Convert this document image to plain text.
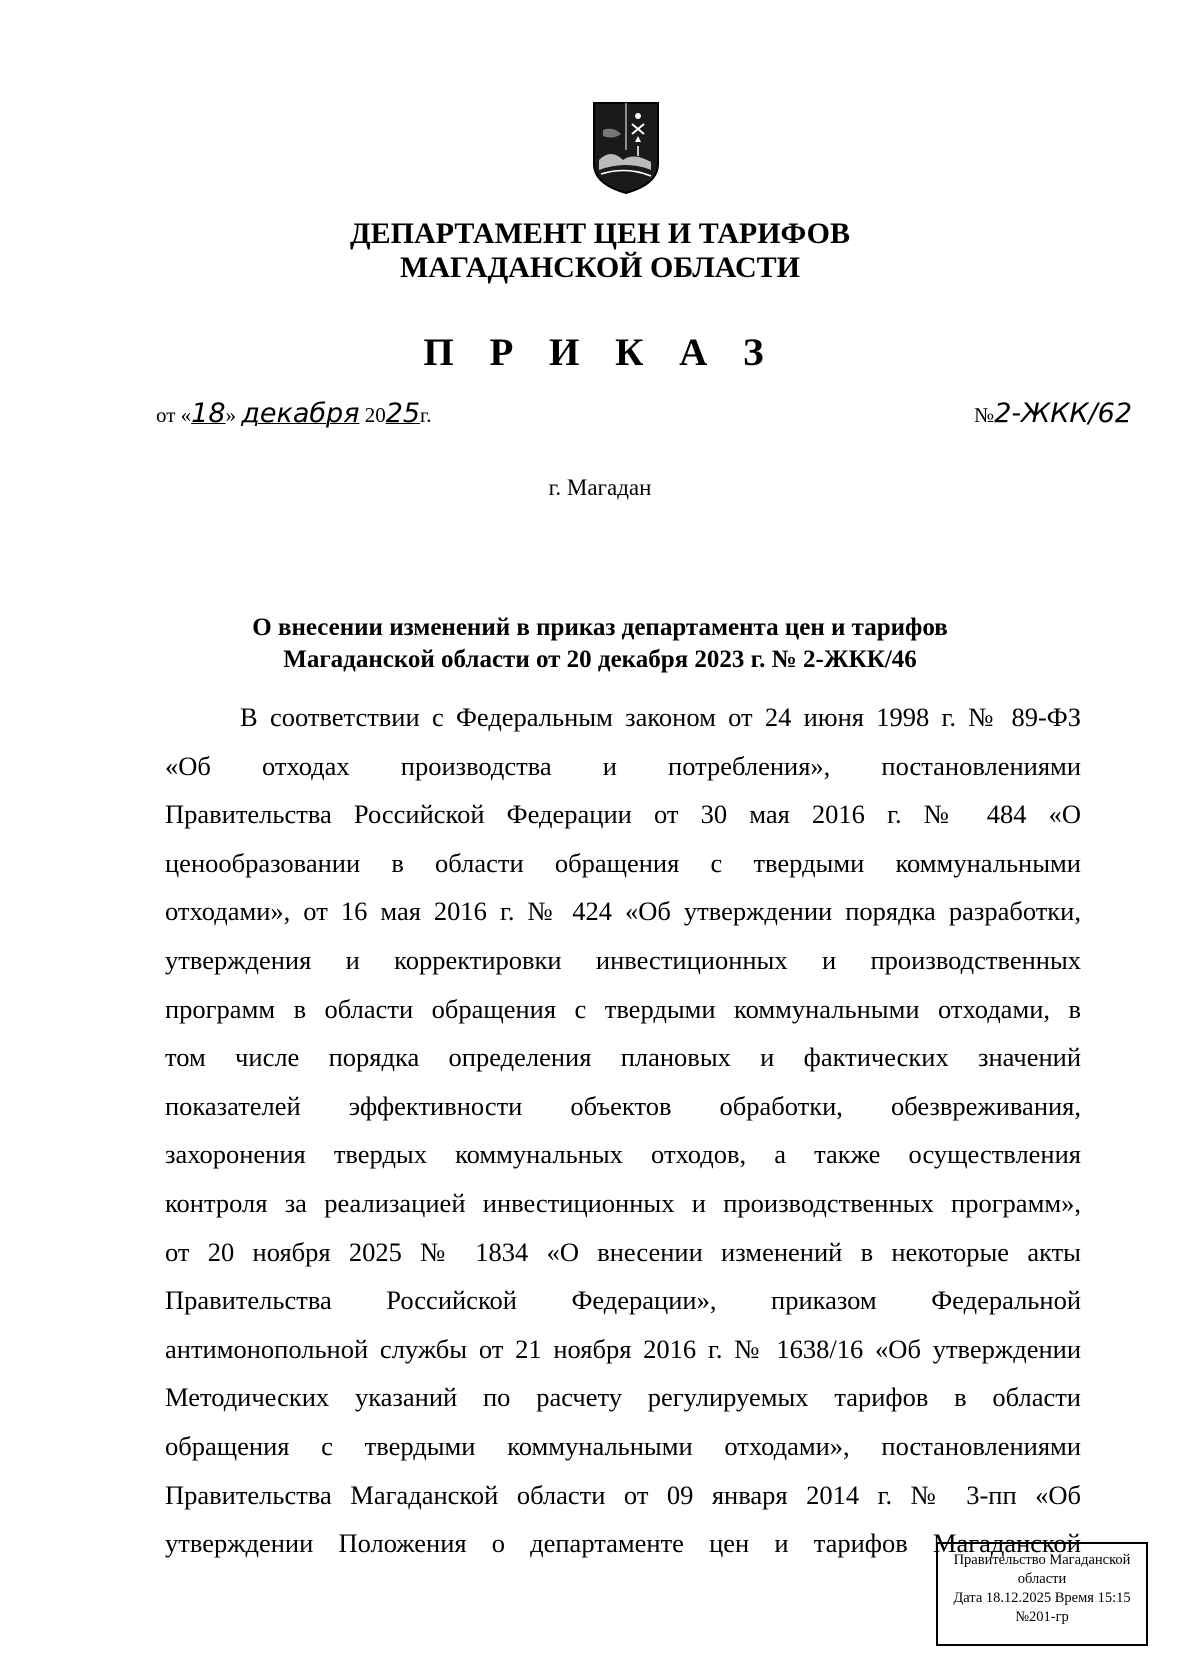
ДЕПАРТАМЕНТ ЦЕН И ТАРИФОВ
МАГАДАНСКОЙ ОБЛАСТИ
П Р И К А З
от «18» декабря 2025г.	№2-ЖКК/62
г. Магадан
О внесении изменений в приказ департамента цен и тарифов
Магаданской области от 20 декабря 2023 г. № 2-ЖКК/46
В соответствии с Федеральным законом от 24 июня 1998 г. № 89-ФЗ
«Об отходах производства и потребления», постановлениями
Правительства Российской Федерации от 30 мая 2016 г. № 484 «О
ценообразовании в области обращения с твердыми коммунальными
отходами», от 16 мая 2016 г. № 424 «Об утверждении порядка разработки,
утверждения и корректировки инвестиционных и производственных
программ в области обращения с твердыми коммунальными отходами, в
том числе порядка определения плановых и фактических значений
показателей эффективности объектов обработки, обезвреживания,
захоронения твердых коммунальных отходов, а также осуществления
контроля за реализацией инвестиционных и производственных программ»,
от 20 ноября 2025 № 1834 «О внесении изменений в некоторые акты
Правительства Российской Федерации», приказом Федеральной
антимонопольной службы от 21 ноября 2016 г. № 1638/16 «Об утверждении
Методических указаний по расчету регулируемых тарифов в области
обращения с твердыми коммунальными отходами», постановлениями
Правительства Магаданской области от 09 января 2014 г. № 3-пп «Об
утверждении Положения о департаменте цен и тарифов Магаданской
Правительство Магаданской
области
Дата 18.12.2025 Время 15:15
№201-гр
